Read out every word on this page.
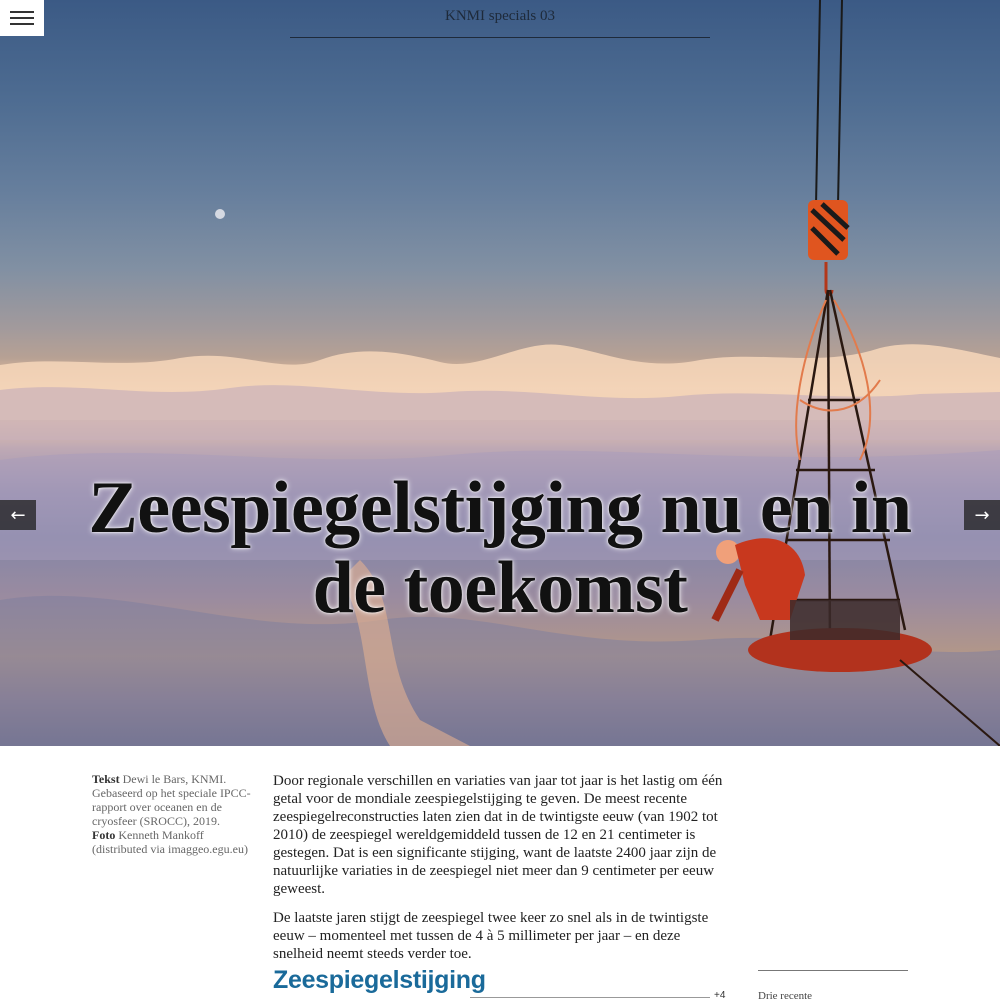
KNMI specials 03
Zeespiegelstijging nu en in de toekomst
←	→
Tekst Dewi le Bars, KNMI. Gebaseerd op het speciale IPCC-rapport over oceanen en de cryosfeer (SROCC), 2019.
Foto Kenneth Mankoff (distributed via imaggeo.egu.eu)

Door regionale verschillen en variaties van jaar tot jaar is het lastig om één getal voor de mondiale zeespiegelstijging te geven. De meest recente zeespiegelreconstructies laten zien dat in de twintigste eeuw (van 1902 tot 2010) de zeespiegel wereldgemiddeld tussen de 12 en 21 centimeter is gestegen. Dat is een significante stijging, want de laatste 2400 jaar zijn de natuurlijke variaties in de zeespiegel niet meer dan 9 centimeter per eeuw geweest.

De laatste jaren stijgt de zeespiegel twee keer zo snel als in de twintigste eeuw – momenteel met tussen de 4 à 5 millimeter per jaar – en deze snelheid neemt steeds verder toe.

Zeespiegelstijging
+4	Drie recente
